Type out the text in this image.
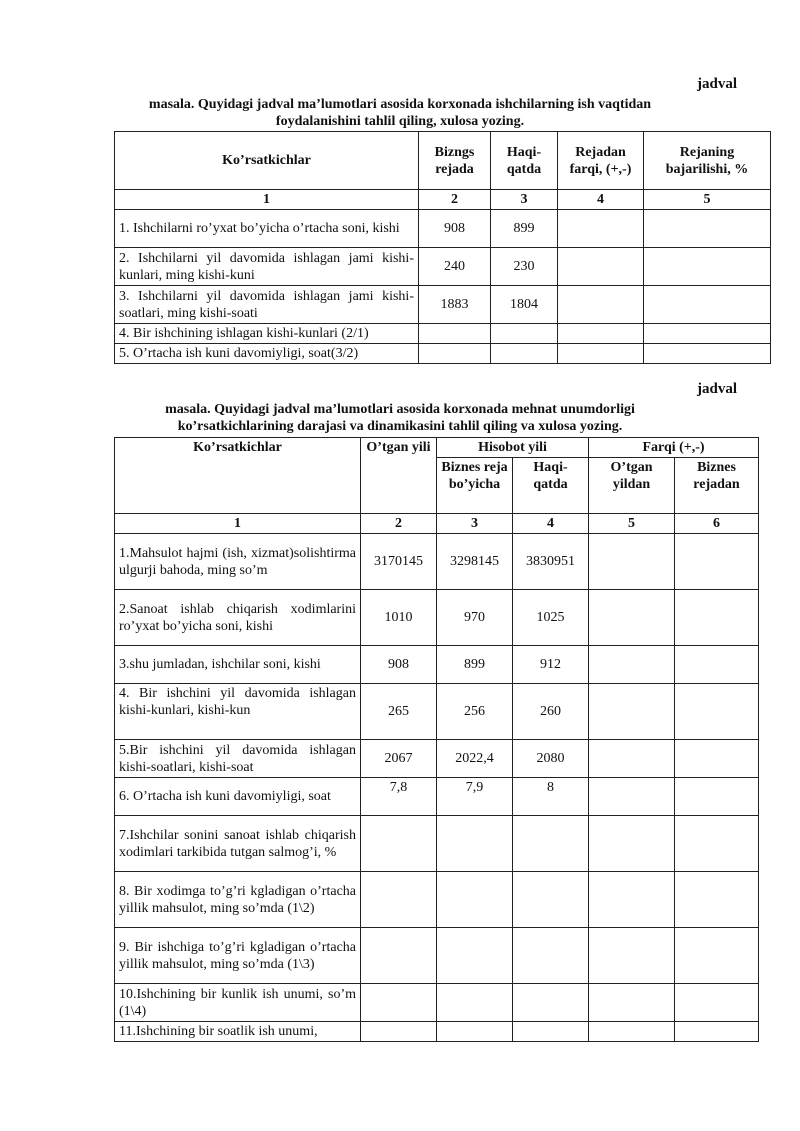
jadval
masala. Quyidagi jadval ma’lumotlari asosida korxonada ishchilarning ish vaqtidan
foydalanishini tahlil qiling, xulosa yozing.
Ko’rsatkichlar	Bizngs rejada	Haqi- qatda	Rejadan farqi, (+,-)	Rejaning bajarilishi, %
1	2	3	4	5
1. Ishchilarni ro’yxat bo’yicha o’rtacha soni, kishi	908	899		
2. Ishchilarni yil davomida ishlagan jami kishi-kunlari, ming kishi-kuni	240	230		
3. Ishchilarni yil davomida ishlagan jami kishi-soatlari, ming kishi-soati	1883	1804		
4. Bir ishchining ishlagan kishi-kunlari (2/1)				
5. O’rtacha ish kuni davomiyligi, soat(3/2)				
jadval
masala. Quyidagi jadval ma’lumotlari asosida korxonada mehnat unumdorligi
ko’rsatkichlarining darajasi va dinamikasini tahlil qiling va xulosa yozing.
Ko’rsatkichlar	O’tgan yili	Hisobot yili		Farqi (+,-)	
		Biznes reja bo’yicha	Haqi- qatda	O’tgan yildan	Biznes rejadan
1	2	3	4	5	6
1.Mahsulot hajmi (ish, xizmat)solishtirma ulgurji bahoda, ming so’m	3170145	3298145	3830951		
2.Sanoat ishlab chiqarish xodimlarini ro’yxat bo’yicha soni, kishi	1010	970	1025		
3.shu jumladan, ishchilar soni, kishi	908	899	912		
4. Bir ishchini yil davomida ishlagan kishi-kunlari, kishi-kun	265	256	260		
5.Bir ishchini yil davomida ishlagan kishi-soatlari, kishi-soat	2067	2022,4	2080		
6. O’rtacha ish kuni davomiyligi, soat	7,8	7,9	8		
7.Ishchilar sonini sanoat ishlab chiqarish xodimlari tarkibida tutgan salmog’i, %					
8. Bir xodimga to’g’ri kgladigan o’rtacha yillik mahsulot, ming so’mda (1\2)					
9. Bir ishchiga to’g’ri kgladigan o’rtacha yillik mahsulot, ming so’mda (1\3)					
10.Ishchining bir kunlik ish unumi, so’m (1\4)					
11.Ishchining bir soatlik ish unumi,					
